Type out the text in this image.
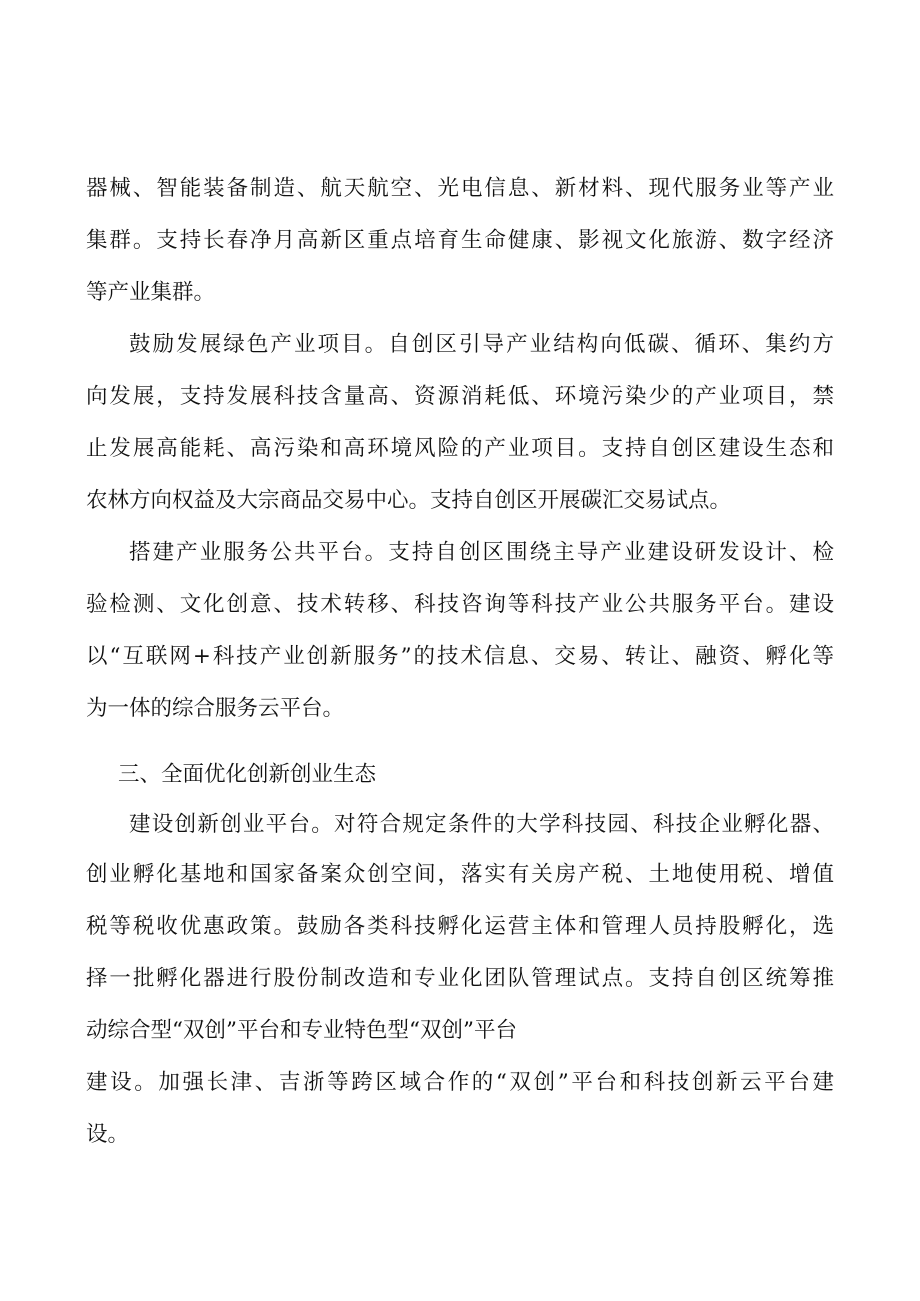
器械、智能装备制造、航天航空、光电信息、新材料、现代服务业等产业
集群。支持长春净月高新区重点培育生命健康、影视文化旅游、数字经济
等产业集群。
鼓励发展绿色产业项目。自创区引导产业结构向低碳、循环、集约方
向发展，支持发展科技含量高、资源消耗低、环境污染少的产业项目，禁
止发展高能耗、高污染和高环境风险的产业项目。支持自创区建设生态和
农林方向权益及大宗商品交易中心。支持自创区开展碳汇交易试点。
搭建产业服务公共平台。支持自创区围绕主导产业建设研发设计、检
验检测、文化创意、技术转移、科技咨询等科技产业公共服务平台。建设
以“互联网+科技产业创新服务”的技术信息、交易、转让、融资、孵化等
为一体的综合服务云平台。
三、全面优化创新创业生态
建设创新创业平台。对符合规定条件的大学科技园、科技企业孵化器、
创业孵化基地和国家备案众创空间，落实有关房产税、土地使用税、增值
税等税收优惠政策。鼓励各类科技孵化运营主体和管理人员持股孵化，选
择一批孵化器进行股份制改造和专业化团队管理试点。支持自创区统筹推
动综合型“双创”平台和专业特色型“双创”平台
建设。加强长津、吉浙等跨区域合作的“双创”平台和科技创新云平台建
设。
